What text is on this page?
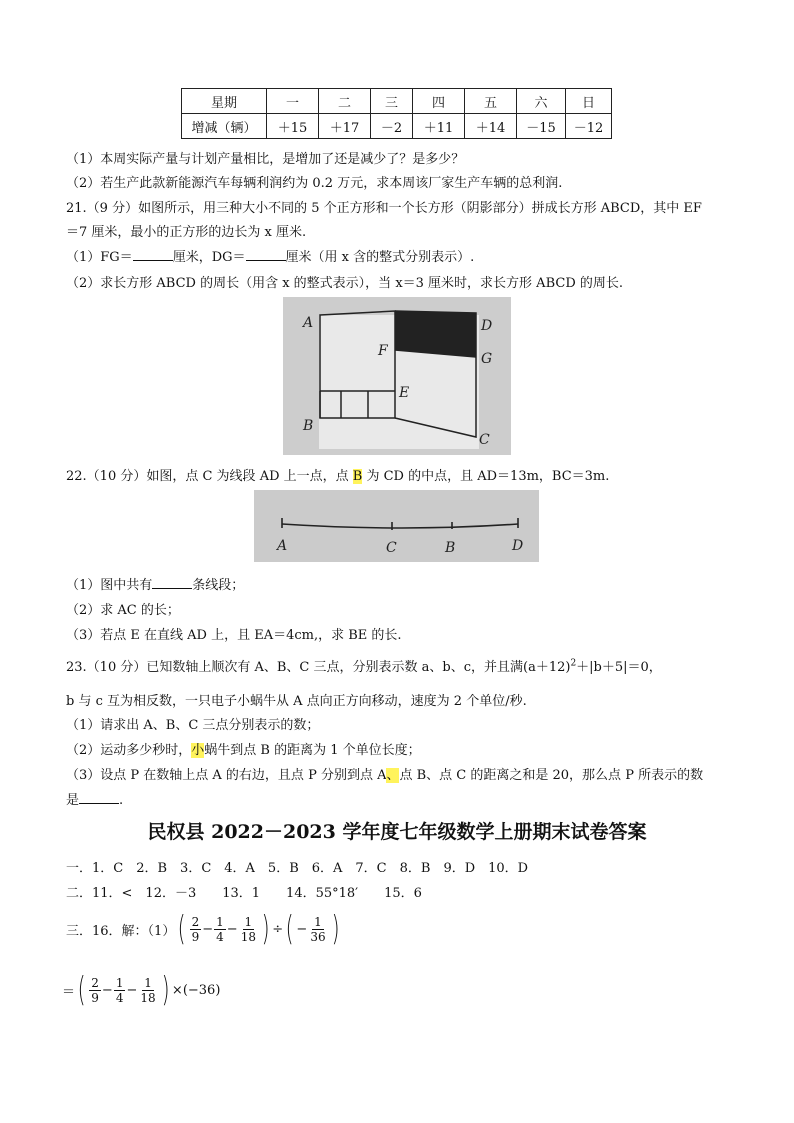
星期	一	二	三	四	五	六	日
增减（辆）	＋15	＋17	－2	＋11	＋14	－15	－12
（1）本周实际产量与计划产量相比，是增加了还是减少了？是多少？
（2）若生产此款新能源汽车每辆利润约为 0.2 万元，求本周该厂家生产车辆的总利润.
21.（9 分）如图所示，用三种大小不同的 5 个正方形和一个长方形（阴影部分）拼成长方形 ABCD，其中 EF
＝7 厘米，最小的正方形的边长为 x 厘米.
（1）FG＝	厘米，DG＝	厘米（用 x 含的整式分别表示）.
（2）求长方形 ABCD 的周长（用含 x 的整式表示），当 x＝3 厘米时，求长方形 ABCD 的周长.
A
B
C
D
E
F	G
22.（10 分）如图，点 C 为线段 AD 上一点，点 B 为 CD 的中点，且 AD＝13m，BC＝3m.
A	C	B	D
（1）图中共有	条线段；
（2）求 AC 的长；
（3）若点 E 在直线 AD 上，且 EA＝4cm,，求 BE 的长.
23.（10 分）已知数轴上顺次有 A、B、C 三点，分别表示数 a、b、c，并且满$(a+12)^2+|b+5|=0$，
b 与 c 互为相反数，一只电子小蜗牛从 A 点向正方向移动，速度为 2 个单位/秒.
（1）请求出 A、B、C 三点分别表示的数；
（2）运动多少秒时，小蜗牛到点 B 的距离为 1 个单位长度；
（3）设点 P 在数轴上点 A 的右边，且点 P 分别到点 A、点 B、点 C 的距离之和是 20，那么点 P 所表示的数
是	.
民权县 2022－2023 学年度七年级数学上册期末试卷答案
一．1．C　2．B　3．C　4．A　5．B　6．A　7．C　8．B　9．D　10．D
二．11．<　12．－3　　13．1　　14．55°18′　　15．6
三．16．解：（1） ( $\frac{2}{9} - \frac{1}{4} - \frac{1}{18}$ ) ÷ ( − $\frac{1}{36}$ )
＝ ( $\frac{2}{9} - \frac{1}{4} - \frac{1}{18}$ ) ×(−36)
